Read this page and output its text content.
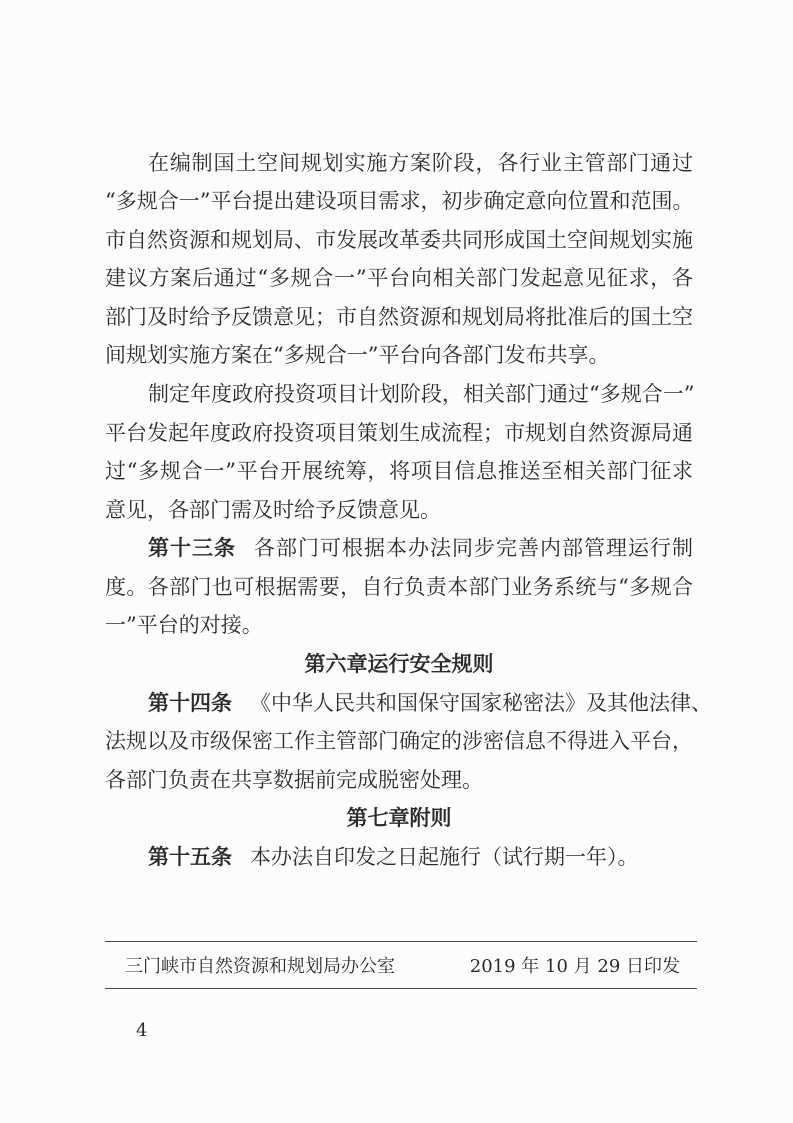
在编制国土空间规划实施方案阶段，各行业主管部门通过
“多规合一”平台提出建设项目需求，初步确定意向位置和范围。
市自然资源和规划局、市发展改革委共同形成国土空间规划实施
建议方案后通过“多规合一”平台向相关部门发起意见征求，各
部门及时给予反馈意见；市自然资源和规划局将批准后的国土空
间规划实施方案在“多规合一”平台向各部门发布共享。
制定年度政府投资项目计划阶段，相关部门通过“多规合一”
平台发起年度政府投资项目策划生成流程；市规划自然资源局通
过“多规合一”平台开展统筹，将项目信息推送至相关部门征求
意见，各部门需及时给予反馈意见。
第十三条 各部门可根据本办法同步完善内部管理运行制
度。各部门也可根据需要，自行负责本部门业务系统与“多规合
一”平台的对接。
第六章运行安全规则
第十四条 《中华人民共和国保守国家秘密法》及其他法律、
法规以及市级保密工作主管部门确定的涉密信息不得进入平台，
各部门负责在共享数据前完成脱密处理。
第七章附则
第十五条 本办法自印发之日起施行（试行期一年）。
三门峡市自然资源和规划局办公室	2019 年 10 月 29 日印发
4
